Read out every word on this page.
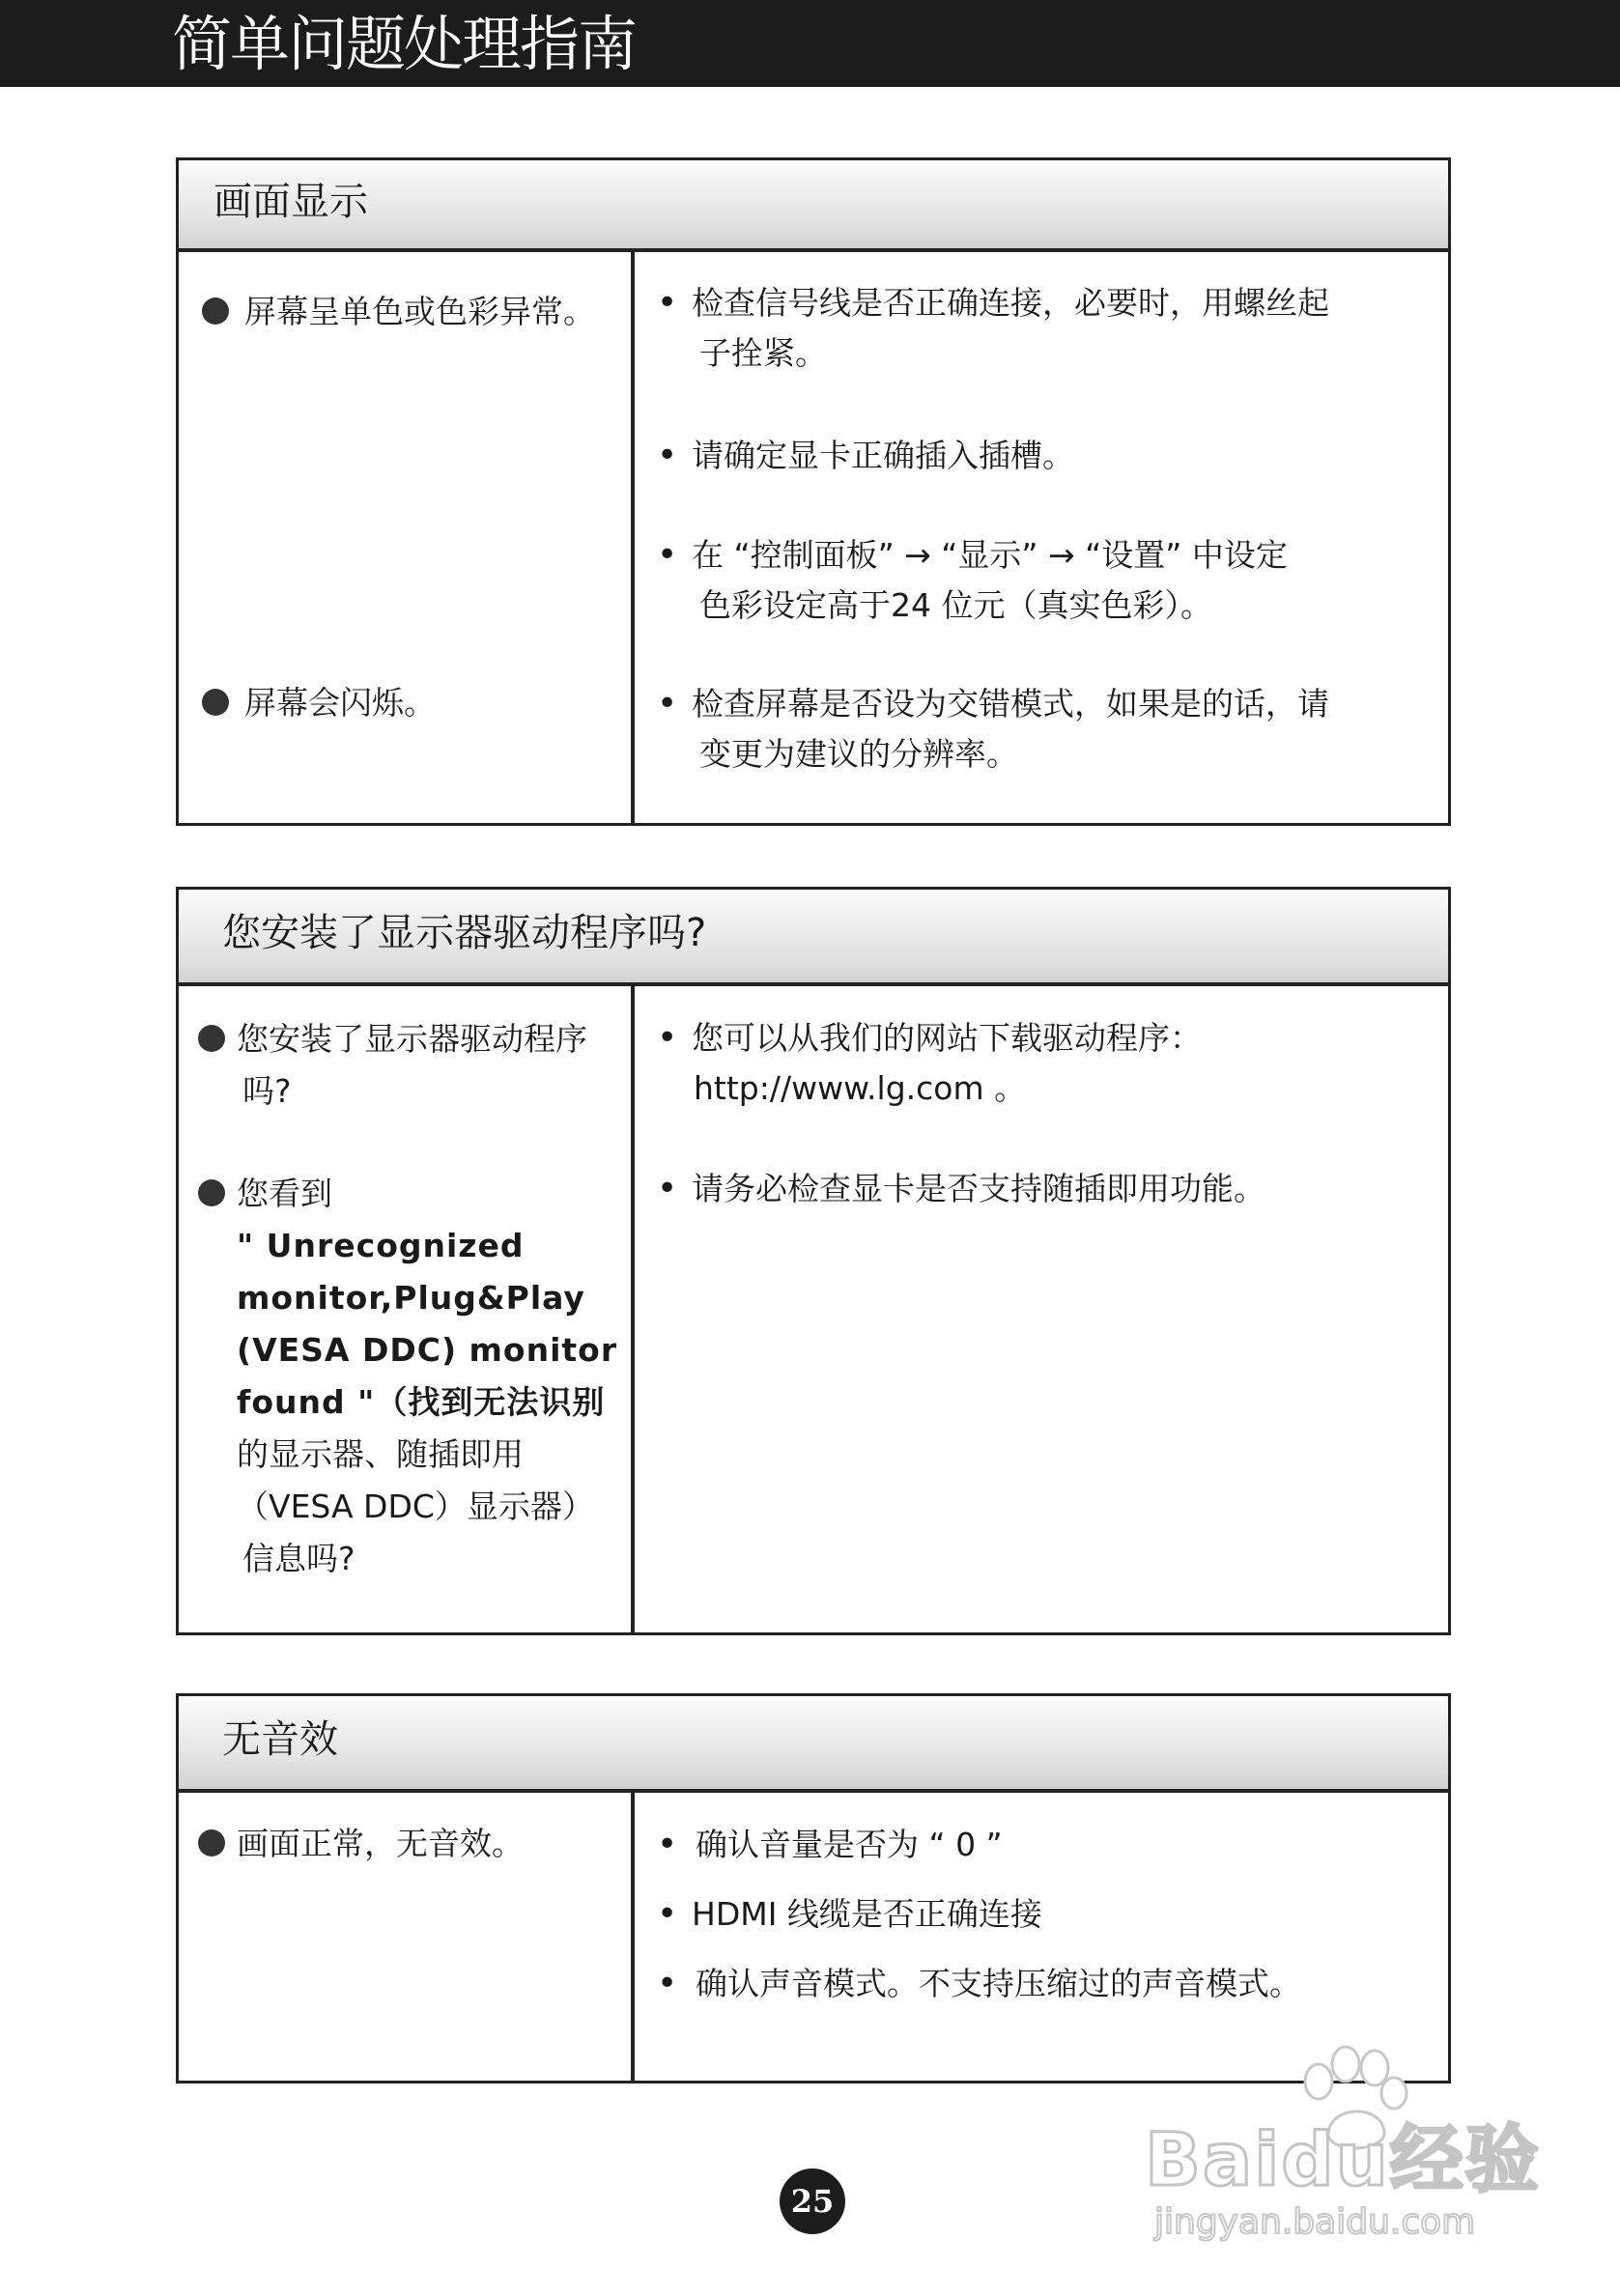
简单问题处理指南
画面显示
屏幕呈单色或色彩异常。
屏幕会闪烁。
• 检查信号线是否正确连接，必要时，用螺丝起
子拴紧。
• 请确定显卡正确插入插槽。
• 在 “控制面板” → “显示” → “设置” 中设定
色彩设定高于24 位元（真实色彩）。
• 检查屏幕是否设为交错模式，如果是的话，请
变更为建议的分辨率。
您安装了显示器驱动程序吗?
您安装了显示器驱动程序
吗?
您看到
" Unrecognized
monitor,Plug&Play
(VESA DDC) monitor
found "（找到无法识别
的显示器、随插即用
（VESA DDC）显示器）
信息吗?
• 您可以从我们的网站下载驱动程序：
http://www.lg.com 。
• 请务必检查显卡是否支持随插即用功能。
无音效
画面正常，无音效。	• 确认音量是否为 “ 0 ”
• HDMI 线缆是否正确连接
• 确认声音模式。不支持压缩过的声音模式。
25	Baidu经验
jingyan.baidu.com
